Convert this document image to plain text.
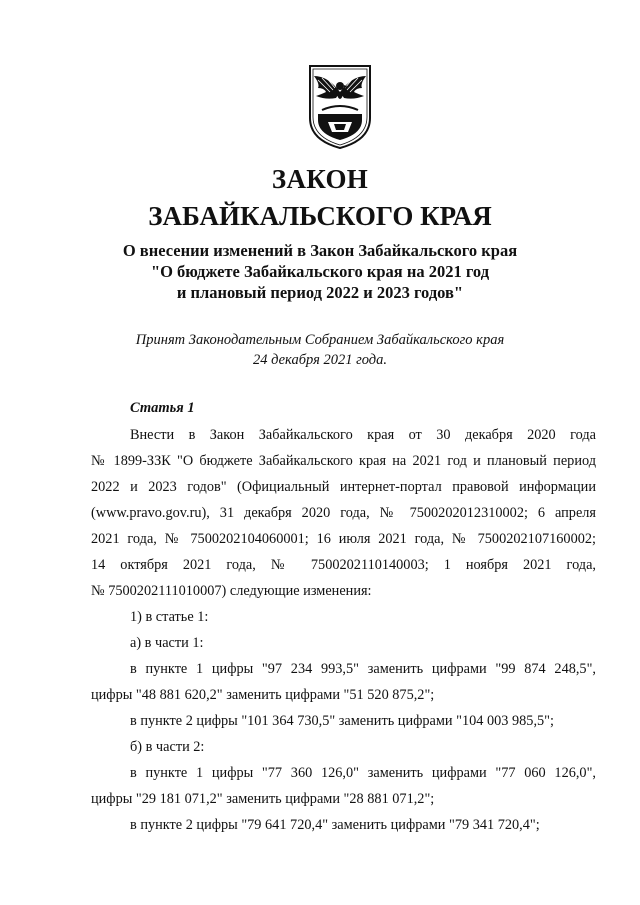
ЗАКОН
ЗАБАЙКАЛЬСКОГО КРАЯ
О внесении изменений в Закон Забайкальского края
"О бюджете Забайкальского края на 2021 год
и плановый период 2022 и 2023 годов"
Принят Законодательным Собранием Забайкальского края
24 декабря 2021 года.
Статья 1
Внести в Закон Забайкальского края от 30 декабря 2020 года
№ 1899-ЗЗК "О бюджете Забайкальского края на 2021 год и плановый период
2022 и 2023 годов" (Официальный интернет-портал правовой информации
(www.pravo.gov.ru), 31 декабря 2020 года, № 7500202012310002; 6 апреля
2021 года, № 7500202104060001; 16 июля 2021 года, № 7500202107160002;
14 октября 2021 года, № 7500202110140003; 1 ноября 2021 года,
№ 7500202111010007) следующие изменения:
1) в статье 1:
а) в части 1:
в пункте 1 цифры "97 234 993,5" заменить цифрами "99 874 248,5",
цифры "48 881 620,2" заменить цифрами "51 520 875,2";
в пункте 2 цифры "101 364 730,5" заменить цифрами "104 003 985,5";
б) в части 2:
в пункте 1 цифры "77 360 126,0" заменить цифрами "77 060 126,0",
цифры "29 181 071,2" заменить цифрами "28 881 071,2";
в пункте 2 цифры "79 641 720,4" заменить цифрами "79 341 720,4";
